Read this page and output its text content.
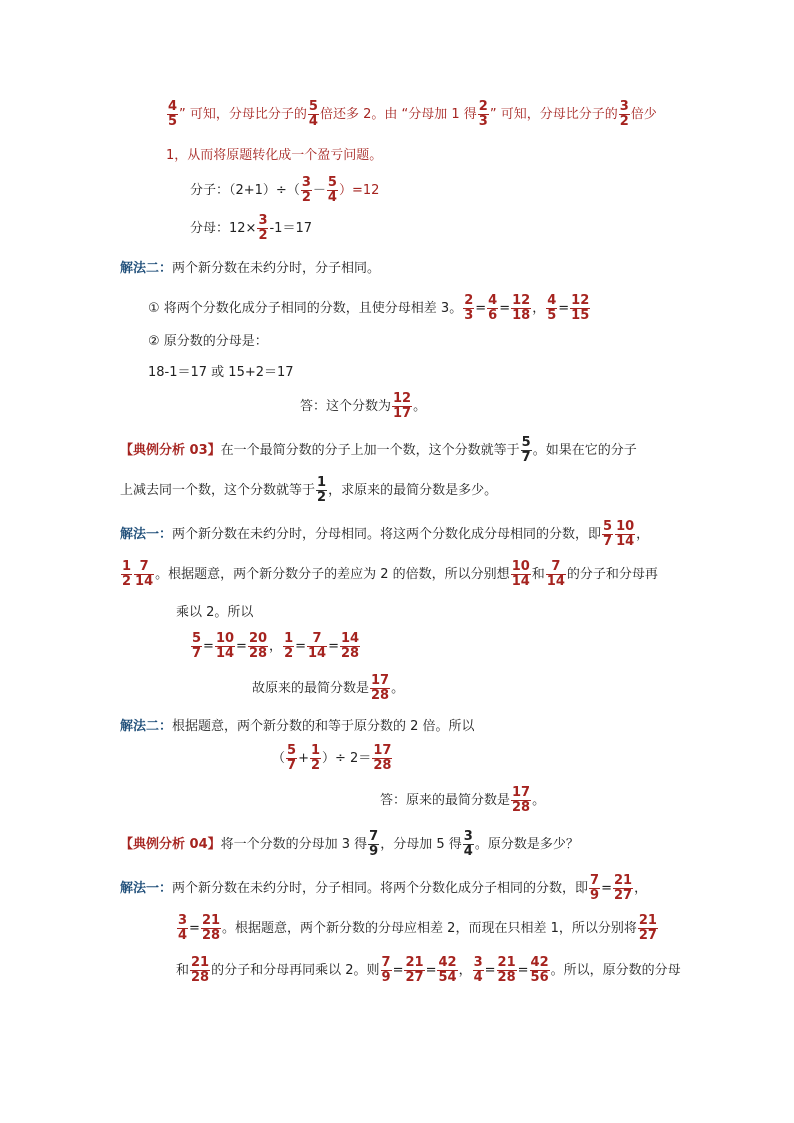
$\frac{4}{5}$ ” 可知，分母比分子的 $\frac{5}{4}$ 倍还多 2。由 “分母加 1 得 $\frac{2}{3}$ ” 可知，分母比分子的 $\frac{3}{2}$ 倍少
1，从而将原题转化成一个盈亏问题。
分子：$(2+1)\div( \frac{3}{2} - \frac{5}{4} )=12$
分母：$12\times \frac{3}{2} -1=17$
解法二：两个新分数在未约分时，分子相同。
① 将两个分数化成分子相同的分数，且使分母相差 3。 $\frac{2}{3} = \frac{4}{6} = \frac{12}{18}$ ， $\frac{4}{5} = \frac{12}{15}$
② 原分数的分母是：
18-1＝17 或 15+2＝17
答：这个分数为 $\frac{12}{17}$ 。
【典例分析 03】在一个最简分数的分子上加一个数，这个分数就等于 $\frac{5}{7}$ 。如果在它的分子
上减去同一个数，这个分数就等于 $\frac{1}{2}$ ，求原来的最简分数是多少。
解法一：两个新分数在未约分时，分母相同。将这两个分数化成分母相同的分数，即 $\frac{5}{7} \frac{10}{14}$ ，
$\frac{1}{2} \frac{7}{14}$ 。根据题意，两个新分数分子的差应为 2 的倍数，所以分别想 $\frac{10}{14}$ 和 $\frac{7}{14}$ 的分子和分母再
乘以 2。所以
$\frac{5}{7} = \frac{10}{14} = \frac{20}{28}$ ， $\frac{1}{2} = \frac{7}{14} = \frac{14}{28}$
故原来的最简分数是 $\frac{17}{28}$ 。
解法二：根据题意，两个新分数的和等于原分数的 2 倍。所以
（ $\frac{5}{7} + \frac{1}{2}$ ）÷ $2= \frac{17}{28}$
答：原来的最简分数是 $\frac{17}{28}$ 。
【典例分析 04】将一个分数的分母加 3 得 $\frac{7}{9}$ ，分母加 5 得 $\frac{3}{4}$ 。原分数是多少？
解法一：两个新分数在未约分时，分子相同。将两个分数化成分子相同的分数，即 $\frac{7}{9} = \frac{21}{27}$ ，
$\frac{3}{4} = \frac{21}{28}$ 。根据题意，两个新分数的分母应相差 2，而现在只相差 1，所以分别将 $\frac{21}{27}$
和 $\frac{21}{28}$ 的分子和分母再同乘以 2。则 $\frac{7}{9} = \frac{21}{27} = \frac{42}{54}$ ， $\frac{3}{4} = \frac{21}{28} = \frac{42}{56}$ 。所以，原分数的分母
